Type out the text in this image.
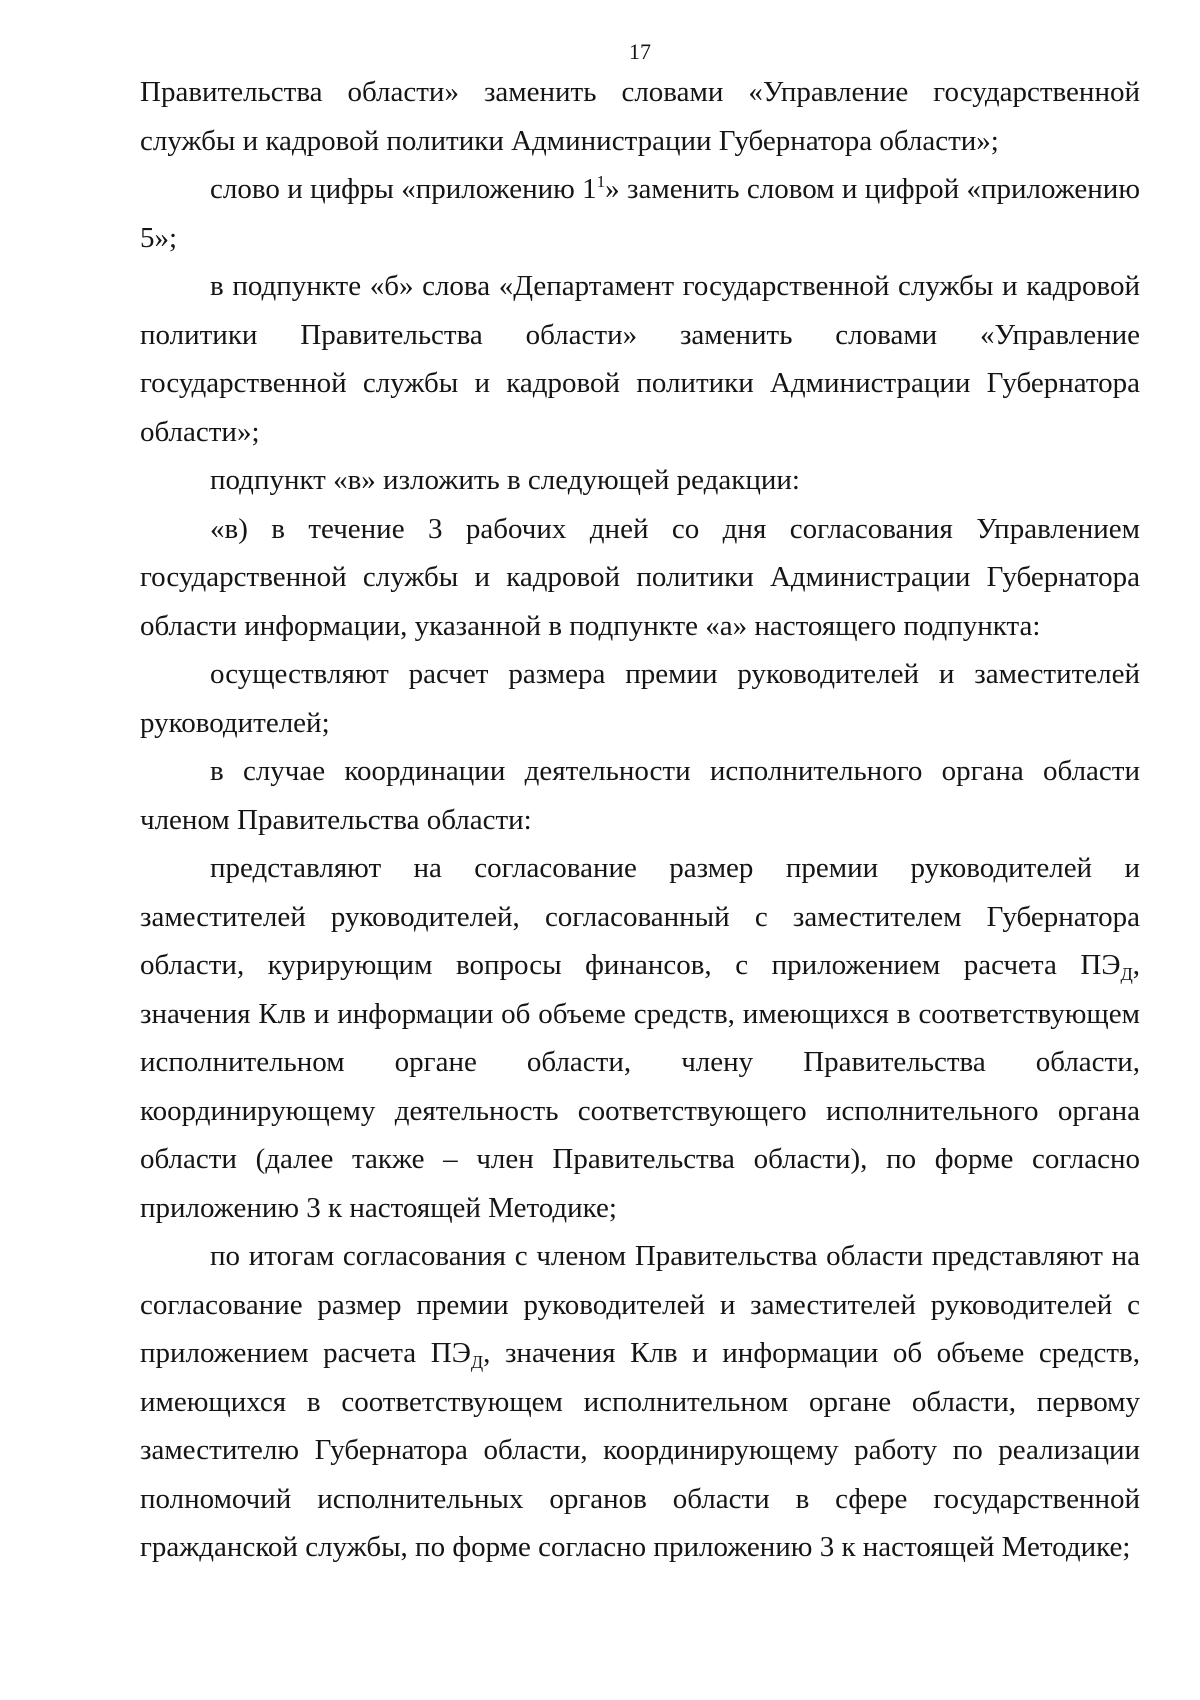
17

Правительства области» заменить словами «Управление государственной службы и кадровой политики Администрации Губернатора области»;

слово и цифры «приложению $1^1$» заменить словом и цифрой «приложению 5»;

в подпункте «б» слова «Департамент государственной службы и кадровой политики Правительства области» заменить словами «Управление государственной службы и кадровой политики Администрации Губернатора области»;

подпункт «в» изложить в следующей редакции:

«в) в течение 3 рабочих дней со дня согласования Управлением государственной службы и кадровой политики Администрации Губернатора области информации, указанной в подпункте «а» настоящего подпункта:

осуществляют расчет размера премии руководителей и заместителей руководителей;

в случае координации деятельности исполнительного органа области членом Правительства области:

представляют на согласование размер премии руководителей и заместителей руководителей, согласованный с заместителем Губернатора области, курирующим вопросы финансов, с приложением расчета $ПЭ_Д$, значения Клв и информации об объеме средств, имеющихся в соответствующем исполнительном органе области, члену Правительства области, координирующему деятельность соответствующего исполнительного органа области (далее также – член Правительства области), по форме согласно приложению 3 к настоящей Методике;

по итогам согласования с членом Правительства области представляют на согласование размер премии руководителей и заместителей руководителей с приложением расчета $ПЭ_Д$, значения Клв и информации об объеме средств, имеющихся в соответствующем исполнительном органе области, первому заместителю Губернатора области, координирующему работу по реализации полномочий исполнительных органов области в сфере государственной гражданской службы, по форме согласно приложению 3 к настоящей Методике;
